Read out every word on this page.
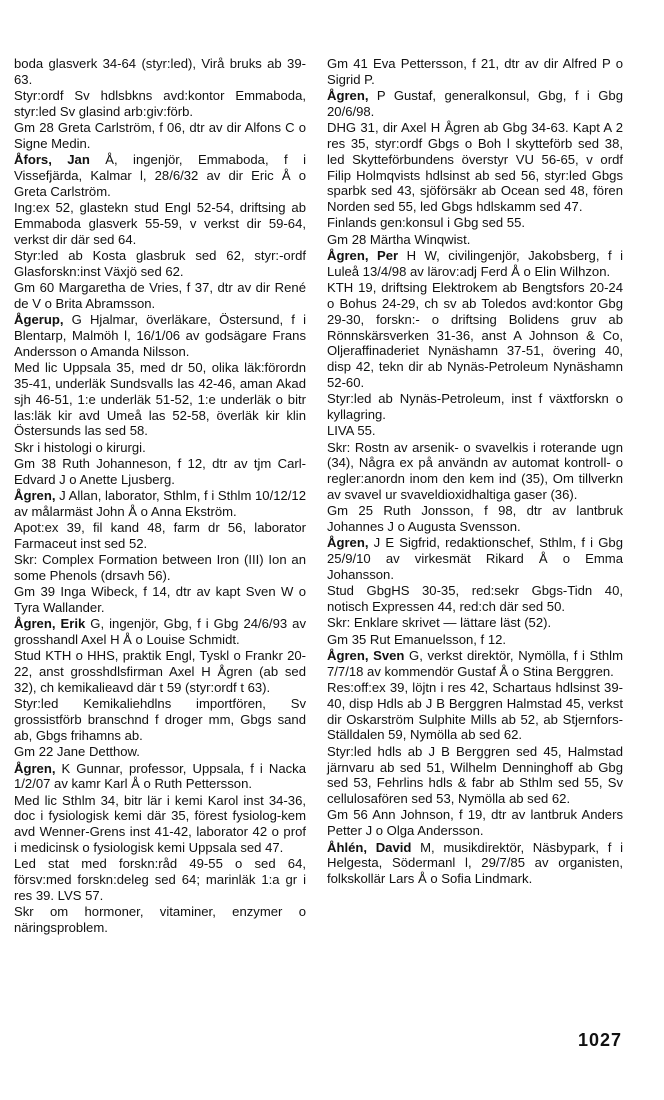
boda glasverk 34-64 (styr:led), Virå bruks ab 39-63.

Styr:ordf Sv hdlsbkns avd:kontor Emmaboda, styr:led Sv glasind arb:giv:förb.

Gm 28 Greta Carlström, f 06, dtr av dir Alfons C o Signe Medin.

Åfors, Jan Å, ingenjör, Emmaboda, f i Vissefjärda, Kalmar l, 28/6/32 av dir Eric Å o Greta Carlström.

Ing:ex 52, glastekn stud Engl 52-54, driftsing ab Emmaboda glasverk 55-59, v verkst dir 59-64, verkst dir där sed 64.

Styr:led ab Kosta glasbruk sed 62, styr:-ordf Glasforskn:inst Växjö sed 62.

Gm 60 Margaretha de Vries, f 37, dtr av dir René de V o Brita Abramsson.

Ågerup, G Hjalmar, överläkare, Östersund, f i Blentarp, Malmöh l, 16/1/06 av godsägare Frans Andersson o Amanda Nilsson.

Med lic Uppsala 35, med dr 50, olika läk:förordn 35-41, underläk Sundsvalls las 42-46, aman Akad sjh 46-51, 1:e underläk 51-52, 1:e underläk o bitr las:läk kir avd Umeå las 52-58, överläk kir klin Östersunds las sed 58.

Skr i histologi o kirurgi.

Gm 38 Ruth Johanneson, f 12, dtr av tjm Carl-Edvard J o Anette Ljusberg.

Ågren, J Allan, laborator, Sthlm, f i Sthlm 10/12/12 av målarmäst John Å o Anna Ekström.

Apot:ex 39, fil kand 48, farm dr 56, laborator Farmaceut inst sed 52.

Skr: Complex Formation between Iron (III) Ion an some Phenols (drsavh 56).

Gm 39 Inga Wibeck, f 14, dtr av kapt Sven W o Tyra Wallander.

Ågren, Erik G, ingenjör, Gbg, f i Gbg 24/6/93 av grosshandl Axel H Å o Louise Schmidt.

Stud KTH o HHS, praktik Engl, Tyskl o Frankr 20-22, anst grosshdlsfirman Axel H Ågren (ab sed 32), ch kemikalieavd där t 59 (styr:ordf t 63).

Styr:led Kemikaliehdlns importfören, Sv grossistförb branschnd f droger mm, Gbgs sand ab, Gbgs frihamns ab.

Gm 22 Jane Detthow.

Ågren, K Gunnar, professor, Uppsala, f i Nacka 1/2/07 av kamr Karl Å o Ruth Pettersson.

Med lic Sthlm 34, bitr lär i kemi Karol inst 34-36, doc i fysiologisk kemi där 35, förest fysiolog-kem avd Wenner-Grens inst 41-42, laborator 42 o prof i medicinsk o fysiologisk kemi Uppsala sed 47.

Led stat med forskn:råd 49-55 o sed 64, försv:med forskn:deleg sed 64; marinläk 1:a gr i res 39. LVS 57.

Skr om hormoner, vitaminer, enzymer o näringsproblem.

Gm 41 Eva Pettersson, f 21, dtr av dir Alfred P o Sigrid P.

Ågren, P Gustaf, generalkonsul, Gbg, f i Gbg 20/6/98.

DHG 31, dir Axel H Ågren ab Gbg 34-63. Kapt A 2 res 35, styr:ordf Gbgs o Boh l skytteförb sed 38, led Skytteförbundens överstyr VU 56-65, v ordf Filip Holmqvists hdlsinst ab sed 56, styr:led Gbgs sparbk sed 43, sjöförsäkr ab Ocean sed 48, fören Norden sed 55, led Gbgs hdlskamm sed 47.

Finlands gen:konsul i Gbg sed 55.

Gm 28 Märtha Winqwist.

Ågren, Per H W, civilingenjör, Jakobsberg, f i Luleå 13/4/98 av lärov:adj Ferd Å o Elin Wilhzon.

KTH 19, driftsing Elektrokem ab Bengtsfors 20-24 o Bohus 24-29, ch sv ab Toledos avd:kontor Gbg 29-30, forskn:- o driftsing Bolidens gruv ab Rönnskärsverken 31-36, anst A Johnson & Co, Oljeraffinaderiet Nynäshamn 37-51, övering 40, disp 42, tekn dir ab Nynäs-Petroleum Nynäshamn 52-60.

Styr:led ab Nynäs-Petroleum, inst f växtforskn o kyllagring.

LIVA 55.

Skr: Rostn av arsenik- o svavelkis i roterande ugn (34), Några ex på användn av automat kontroll- o regler:anordn inom den kem ind (35), Om tillverkn av svavel ur svaveldioxidhaltiga gaser (36).

Gm 25 Ruth Jonsson, f 98, dtr av lantbruk Johannes J o Augusta Svensson.

Ågren, J E Sigfrid, redaktionschef, Sthlm, f i Gbg 25/9/10 av virkesmät Rikard Å o Emma Johansson.

Stud GbgHS 30-35, red:sekr Gbgs-Tidn 40, notisch Expressen 44, red:ch där sed 50.

Skr: Enklare skrivet — lättare läst (52).

Gm 35 Rut Emanuelsson, f 12.

Ågren, Sven G, verkst direktör, Nymölla, f i Sthlm 7/7/18 av kommendör Gustaf Å o Stina Berggren.

Res:off:ex 39, löjtn i res 42, Schartaus hdlsinst 39-40, disp Hdls ab J B Berggren Halmstad 45, verkst dir Oskarström Sulphite Mills ab 52, ab Stjernfors-Ställdalen 59, Nymölla ab sed 62.

Styr:led hdls ab J B Berggren sed 45, Halmstad järnvaru ab sed 51, Wilhelm Denninghoff ab Gbg sed 53, Fehrlins hdls & fabr ab Sthlm sed 55, Sv cellulosafören sed 53, Nymölla ab sed 62.

Gm 56 Ann Johnson, f 19, dtr av lantbruk Anders Petter J o Olga Andersson.

Åhlén, David M, musikdirektör, Näsbypark, f i Helgesta, Södermanl l, 29/7/85 av organisten, folkskollär Lars Å o Sofia Lindmark.

1027
